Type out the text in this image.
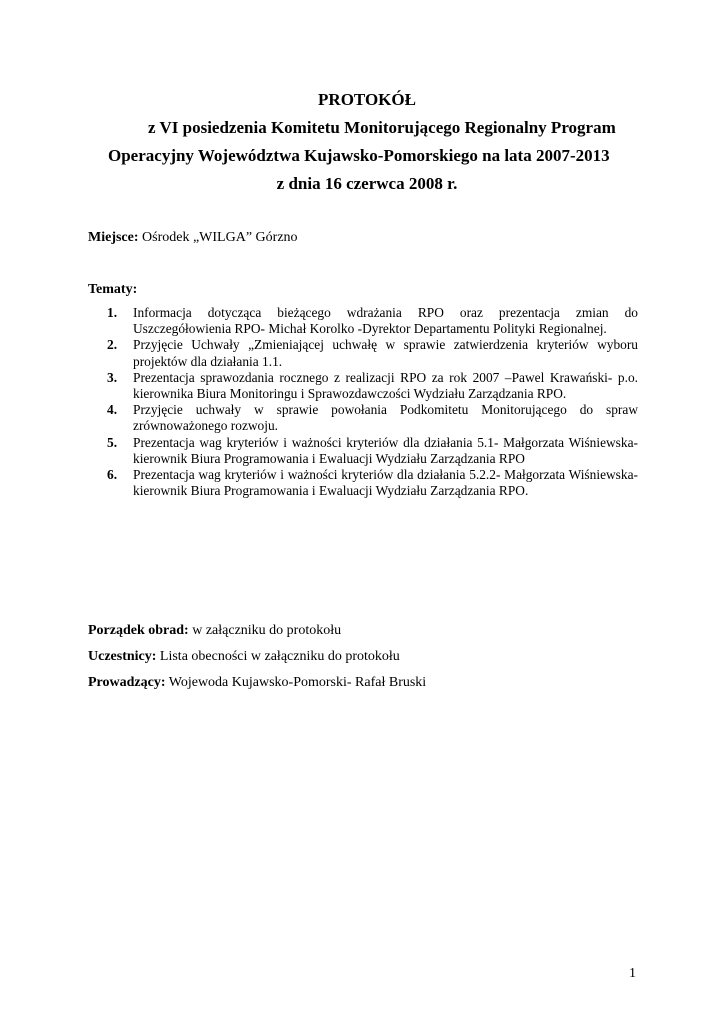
PROTOKÓŁ
z VI posiedzenia Komitetu Monitorującego Regionalny Program
Operacyjny Województwa Kujawsko-Pomorskiego na lata 2007-2013
z dnia 16 czerwca 2008 r.
Miejsce: Ośrodek „WILGA” Górzno
Tematy:
1. Informacja dotycząca bieżącego wdrażania RPO oraz prezentacja zmian do Uszczegółowienia RPO- Michał Korolko -Dyrektor Departamentu Polityki Regionalnej.
2. Przyjęcie Uchwały „Zmieniającej uchwałę w sprawie zatwierdzenia kryteriów wyboru projektów dla działania 1.1.
3. Prezentacja sprawozdania rocznego z realizacji RPO za rok 2007 –Pawel Krawański- p.o. kierownika Biura Monitoringu i Sprawozdawczości Wydziału Zarządzania RPO.
4. Przyjęcie uchwały w sprawie powołania Podkomitetu Monitorującego do spraw zrównoważonego rozwoju.
5. Prezentacja wag kryteriów i ważności kryteriów dla działania 5.1- Małgorzata Wiśniewska-kierownik Biura Programowania i Ewaluacji Wydziału Zarządzania RPO
6. Prezentacja wag kryteriów i ważności kryteriów dla działania 5.2.2- Małgorzata Wiśniewska-kierownik Biura Programowania i Ewaluacji Wydziału Zarządzania RPO.
Porządek obrad: w załączniku do protokołu
Uczestnicy: Lista obecności w załączniku do protokołu
Prowadzący: Wojewoda Kujawsko-Pomorski- Rafał Bruski
1
